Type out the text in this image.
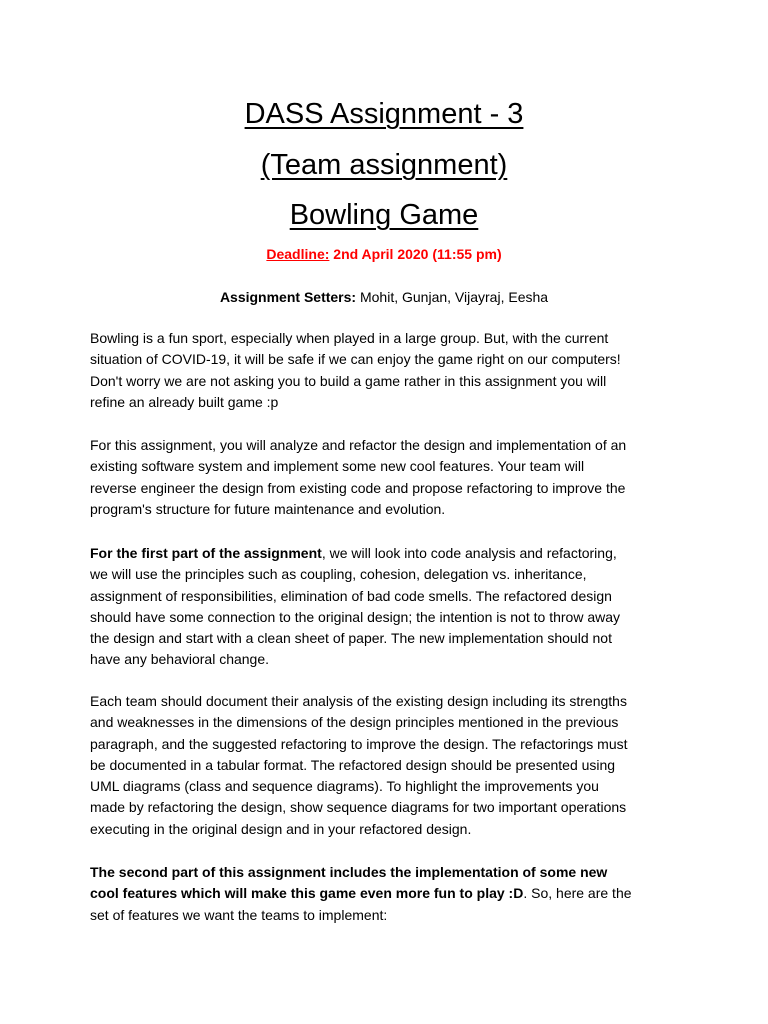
DASS Assignment - 3
(Team assignment)
Bowling Game
Deadline: 2nd April 2020 (11:55 pm)
Assignment Setters: Mohit, Gunjan, Vijayraj, Eesha
Bowling is a fun sport, especially when played in a large group. But, with the current
situation of COVID-19, it will be safe if we can enjoy the game right on our computers!
Don't worry we are not asking you to build a game rather in this assignment you will
refine an already built game :p
For this assignment, you will analyze and refactor the design and implementation of an
existing software system and implement some new cool features. Your team will
reverse engineer the design from existing code and propose refactoring to improve the
program's structure for future maintenance and evolution.
For the first part of the assignment, we will look into code analysis and refactoring,
we will use the principles such as coupling, cohesion, delegation vs. inheritance,
assignment of responsibilities, elimination of bad code smells. The refactored design
should have some connection to the original design; the intention is not to throw away
the design and start with a clean sheet of paper. The new implementation should not
have any behavioral change.
Each team should document their analysis of the existing design including its strengths
and weaknesses in the dimensions of the design principles mentioned in the previous
paragraph, and the suggested refactoring to improve the design. The refactorings must
be documented in a tabular format. The refactored design should be presented using
UML diagrams (class and sequence diagrams). To highlight the improvements you
made by refactoring the design, show sequence diagrams for two important operations
executing in the original design and in your refactored design.
The second part of this assignment includes the implementation of some new
cool features which will make this game even more fun to play :D. So, here are the
set of features we want the teams to implement:
